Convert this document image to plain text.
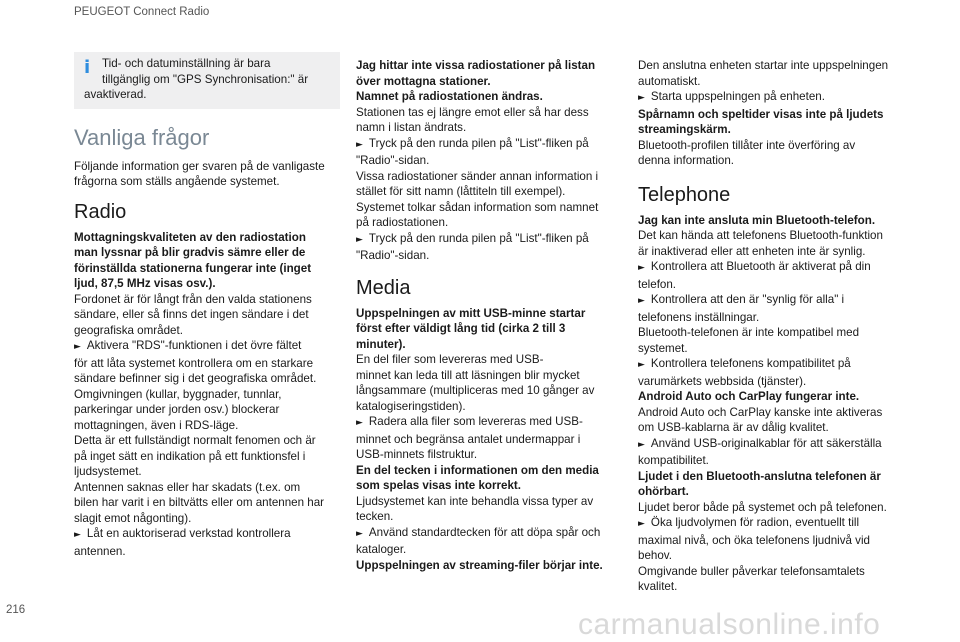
PEUGEOT Connect Radio
i	Tid- och datuminställning är bara

tillgänglig om "GPS Synchronisation:" är

avaktiverad.

Vanliga frågor

Följande information ger svaren på de vanligaste

frågorna som ställs angående systemet.

Radio

Mottagningskvaliteten av den radiostation

man lyssnar på blir gradvis sämre eller de

förinställda stationerna fungerar inte (inget

ljud, 87,5 MHz visas osv.).

Fordonet är för långt från den valda stationens

sändare, eller så finns det ingen sändare i det

geografiska området.

► Aktivera "RDS"-funktionen i det övre fältet

för att låta systemet kontrollera om en starkare

sändare befinner sig i det geografiska området.

Omgivningen (kullar, byggnader, tunnlar,

parkeringar under jorden osv.) blockerar

mottagningen, även i RDS-läge.

Detta är ett fullständigt normalt fenomen och är

på inget sätt en indikation på ett funktionsfel i

ljudsystemet.

Antennen saknas eller har skadats (t.ex. om

bilen har varit i en biltvätts eller om antennen har

slagit emot någonting).

► Låt en auktoriserad verkstad kontrollera

antennen.

Jag hittar inte vissa radiostationer på listan

över mottagna stationer.

Namnet på radiostationen ändras.

Stationen tas ej längre emot eller så har dess

namn i listan ändrats.

► Tryck på den runda pilen på "List"-fliken på

"Radio"-sidan.

Vissa radiostationer sänder annan information i

stället för sitt namn (låttiteln till exempel).

Systemet tolkar sådan information som namnet

på radiostationen.

► Tryck på den runda pilen på "List"-fliken på

"Radio"-sidan.

Media

Uppspelningen av mitt USB-minne startar

först efter väldigt lång tid (cirka 2 till 3

minuter).

En del filer som levereras med USB-

minnet kan leda till att läsningen blir mycket

långsammare (multipliceras med 10 gånger av

katalogiseringstiden).

► Radera alla filer som levereras med USB-

minnet och begränsa antalet undermappar i

USB-minnets filstruktur.

En del tecken i informationen om den media

som spelas visas inte korrekt.

Ljudsystemet kan inte behandla vissa typer av

tecken.

► Använd standardtecken för att döpa spår och

kataloger.

Uppspelningen av streaming-filer börjar inte.

Den anslutna enheten startar inte uppspelningen

automatiskt.

► Starta uppspelningen på enheten.

Spårnamn och speltider visas inte på ljudets

streamingskärm.

Bluetooth-profilen tillåter inte överföring av

denna information.

Telephone

Jag kan inte ansluta min Bluetooth-telefon.

Det kan hända att telefonens Bluetooth-funktion

är inaktiverad eller att enheten inte är synlig.

► Kontrollera att Bluetooth är aktiverat på din

telefon.

► Kontrollera att den är "synlig för alla" i

telefonens inställningar.

Bluetooth-telefonen är inte kompatibel med

systemet.

► Kontrollera telefonens kompatibilitet på

varumärkets webbsida (tjänster).

Android Auto och CarPlay fungerar inte.

Android Auto och CarPlay kanske inte aktiveras

om USB-kablarna är av dålig kvalitet.

► Använd USB-originalkablar för att säkerställa

kompatibilitet.

Ljudet i den Bluetooth-anslutna telefonen är

ohörbart.

Ljudet beror både på systemet och på telefonen.

► Öka ljudvolymen för radion, eventuellt till

maximal nivå, och öka telefonens ljudnivå vid

behov.

Omgivande buller påverkar telefonsamtalets

kvalitet.

216	carmanualsonline.info
